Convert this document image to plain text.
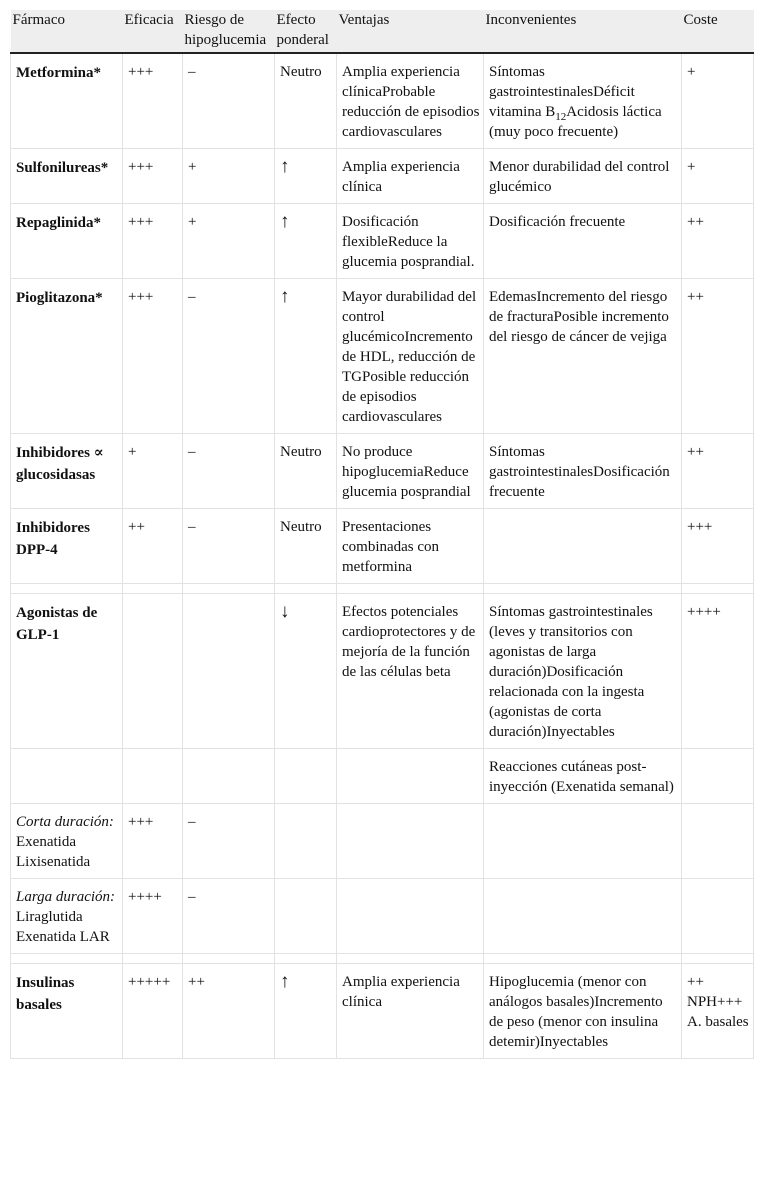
Fármaco	Eficacia	Riesgo de hipoglucemia	Efecto ponderal	Ventajas	Inconvenientes	Coste
Metformina*	+++	–	Neutro	Amplia experiencia clínicaProbable reducción de episodios cardiovasculares	Síntomas gastrointestinalesDéficit vitamina $B_{12}Acidosis$ láctica (muy poco frecuente)	+
Sulfonilureas*	+++	+	↑	Amplia experiencia clínica	Menor durabilidad del control glucémico	+
Repaglinida*	+++	+	↑	Dosificación flexibleReduce la glucemia posprandial.	Dosificación frecuente	++
Pioglitazona*	+++	–	↑	Mayor durabilidad del control glucémicoIncremento de HDL, reducción de TGPosible reducción de episodios cardiovasculares	EdemasIncremento del riesgo de fracturaPosible incremento del riesgo de cáncer de vejiga	++
Inhibidores ∝ glucosidasas	+	–	Neutro	No produce hipoglucemiaReduce glucemia posprandial	Síntomas gastrointestinalesDosificación frecuente	++
Inhibidores DPP-4	++	–	Neutro	Presentaciones combinadas con metformina		+++

Agonistas de GLP-1			↓	Efectos potenciales cardioprotectores y de mejoría de la función de las células beta	Síntomas gastrointestinales (leves y transitorios con agonistas de larga duración)Dosificación relacionada con la ingesta (agonistas de corta duración)Inyectables	++++
					Reacciones cutáneas post-inyección (Exenatida semanal)	
Corta duración: Exenatida Lixisenatida	+++	–				
Larga duración: Liraglutida Exenatida LAR	++++	–				

Insulinas basales	+++++	++	↑	Amplia experiencia clínica	Hipoglucemia (menor con análogos basales)Incremento de peso (menor con insulina detemir)Inyectables	++ NPH+++ A. basales
